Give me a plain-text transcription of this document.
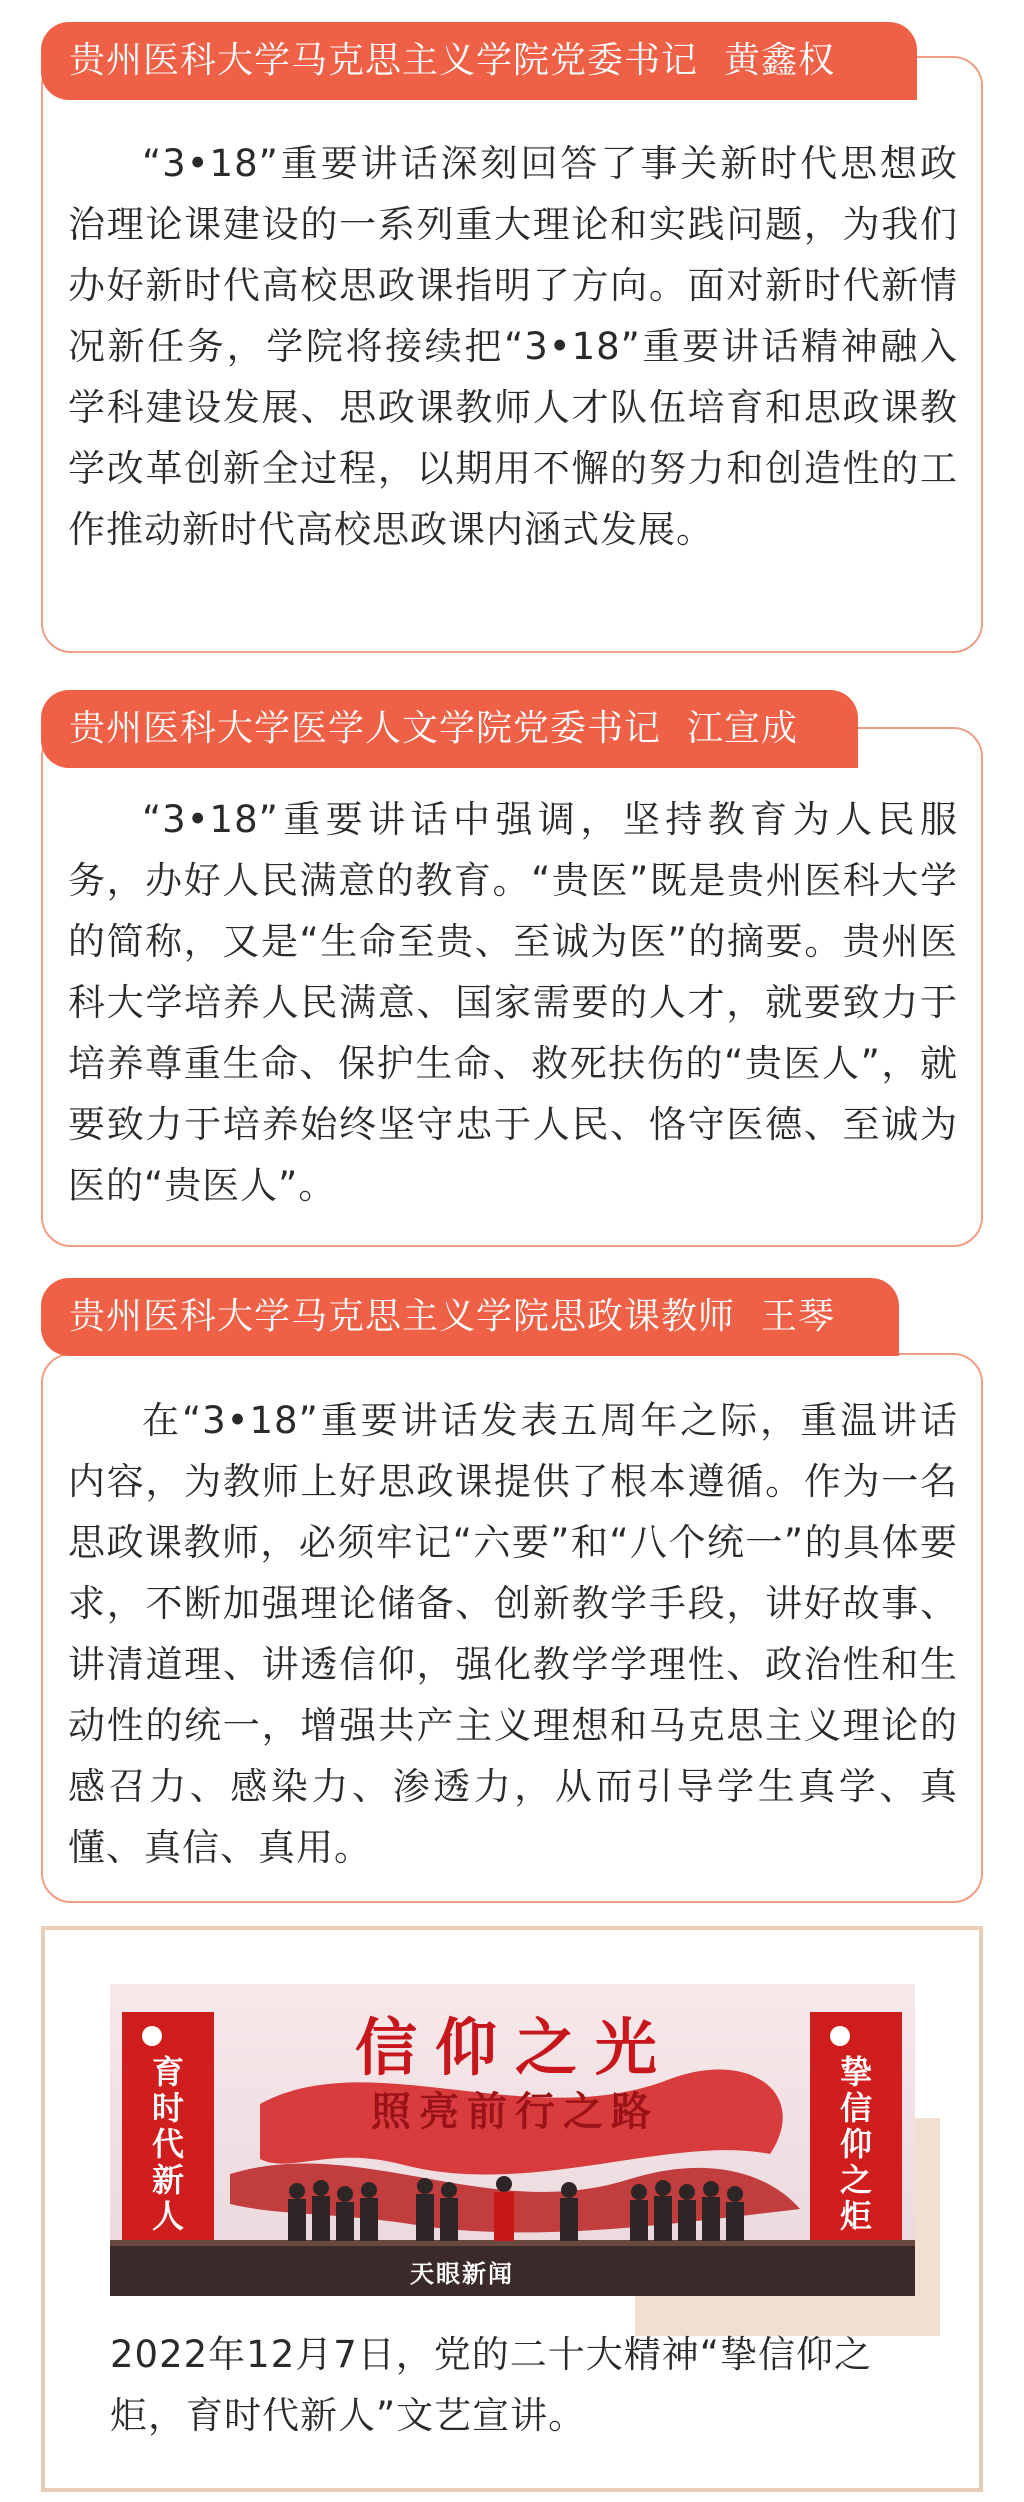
贵州医科大学马克思主义学院党委书记 黄鑫权

“3•18”重要讲话深刻回答了事关新时代思想政治理论课建设的一系列重大理论和实践问题，为我们办好新时代高校思政课指明了方向。面对新时代新情况新任务，学院将接续把“3•18”重要讲话精神融入学科建设发展、思政课教师人才队伍培育和思政课教学改革创新全过程，以期用不懈的努力和创造性的工作推动新时代高校思政课内涵式发展。

贵州医科大学医学人文学院党委书记 江宣成

“3•18”重要讲话中强调，坚持教育为人民服务，办好人民满意的教育。“贵医”既是贵州医科大学的简称，又是“生命至贵、至诚为医”的摘要。贵州医科大学培养人民满意、国家需要的人才，就要致力于培养尊重生命、保护生命、救死扶伤的“贵医人”，就要致力于培养始终坚守忠于人民、恪守医德、至诚为医的“贵医人”。

贵州医科大学马克思主义学院思政课教师 王琴

在“3•18”重要讲话发表五周年之际，重温讲话内容，为教师上好思政课提供了根本遵循。作为一名思政课教师，必须牢记“六要”和“八个统一”的具体要求，不断加强理论储备、创新教学手段，讲好故事、讲清道理、讲透信仰，强化教学学理性、政治性和生动性的统一，增强共产主义理想和马克思主义理论的感召力、感染力、渗透力，从而引导学生真学、真懂、真信、真用。

信仰之光
照亮前行之路
育时代新人
挚信仰之炬
天眼新闻

2022年12月7日，党的二十大精神“挚信仰之炬，育时代新人”文艺宣讲。
